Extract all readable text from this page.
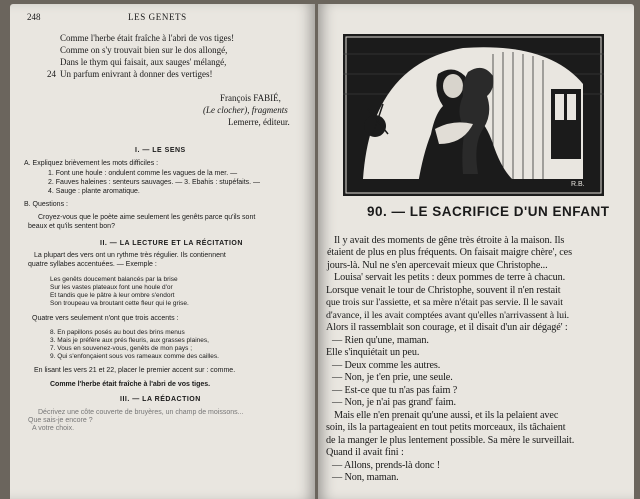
248	LES GENETS
Comme l'herbe était fraîche à l'abri de vos tiges!
Comme on s'y trouvait bien sur le dos allongé,
Dans le thym qui faisait, aux sauges' mélangé,
24 Un parfum enivrant à donner des vertiges!
François FABIÉ,
(Le clocher), fragments
Lemerre, éditeur.
I. — LE SENS
A. Expliquez brièvement les mots difficiles :
1. Font une houle : ondulent comme les vagues de la mer. —
2. Fauves haleines : senteurs sauvages. — 3. Ebahis : stupéfaits. —
4. Sauge : plante aromatique.
B. Questions :
Croyez-vous que le poète aime seulement les genêts parce qu'ils sont
beaux et qu'ils sentent bon?
II. — LA LECTURE ET LA RÉCITATION
La plupart des vers ont un rythme très régulier. Ils contiennent
quatre syllabes accentuées. — Exemple :
Les genêts doucement balancés par la brise
Sur les vastes plateaux font une houle d'or
Et tandis que le pâtre à leur ombre s'endort
Son troupeau va broutant cette fleur qui le grise.
Quatre vers seulement n'ont que trois accents :
8. En papillons posés au bout des brins menus
3. Mais je préfère aux prés fleuris, aux grasses plaines,
7. Vous en souvenez-vous, genêts de mon pays ;
9. Qui s'enfonçaient sous vos rameaux comme des cailles.
En lisant les vers 21 et 22, placer le premier accent sur : comme.
Comme l'herbe était fraîche à l'abri de vos tiges.
III. — LA RÉDACTION
Décrivez une côte couverte de bruyères, un champ de moissons...
Que sais-je encore ?
A votre choix.
R.B.
90. — LE SACRIFICE D'UN ENFANT
Il y avait des moments de gêne très étroite à la maison. Ils
étaient de plus en plus fréquents. On faisait maigre chère', ces
jours-là. Nul ne s'en apercevait mieux que Christophe...
Louisa' servait les petits : deux pommes de terre à chacun.
Lorsque venait le tour de Christophe, souvent il n'en restait
que trois sur l'assiette, et sa mère n'était pas servie. Il le savait
d'avance, il les avait comptées avant qu'elles n'arrivassent à lui.
Alors il rassemblait son courage, et il disait d'un air dégagé' :
— Rien qu'une, maman.
Elle s'inquiétait un peu.
— Deux comme les autres.
— Non, je t'en prie, une seule.
— Est-ce que tu n'as pas faim ?
— Non, je n'ai pas grand' faim.
Mais elle n'en prenait qu'une aussi, et ils la pelaient avec
soin, ils la partageaient en tout petits morceaux, ils tâchaient
de la manger le plus lentement possible. Sa mère le surveillait.
Quand il avait fini :
— Allons, prends-là donc !
— Non, maman.
